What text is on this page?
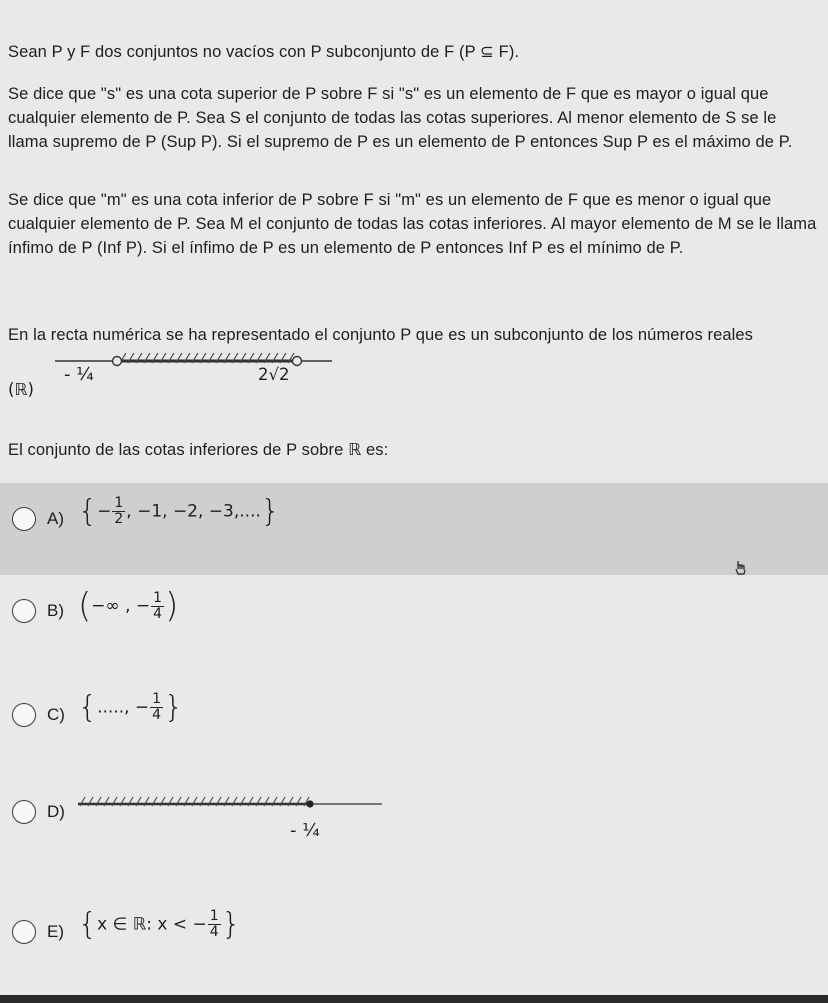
Sean P y F dos conjuntos no vacíos con P subconjunto de F (P ⊆ F).
Se dice que "s" es una cota superior de P sobre F si "s" es un elemento de F que es mayor o igual que cualquier elemento de P. Sea S el conjunto de todas las cotas superiores. Al menor elemento de S se le llama supremo de P (Sup P). Si el supremo de P es un elemento de P entonces Sup P es el máximo de P.
Se dice que "m" es una cota inferior de P sobre F si "m" es un elemento de F que es menor o igual que cualquier elemento de P. Sea M el conjunto de todas las cotas inferiores. Al mayor elemento de M se le llama ínfimo de P (Inf P). Si el ínfimo de P es un elemento de P entonces Inf P es el mínimo de P.
En la recta numérica se ha representado el conjunto P que es un subconjunto de los números reales
(ℝ)
- ¼	2√2
El conjunto de las cotas inferiores de P sobre ℝ es:
A) {− $\frac{1}{2}$ , −1, −2, −3,....}
B) (−∞ , − $\frac{1}{4}$ )
C) {....., − $\frac{1}{4}$ }
D)
- ¼
E) {x ∈ ℝ: x < − $\frac{1}{4}$ }
